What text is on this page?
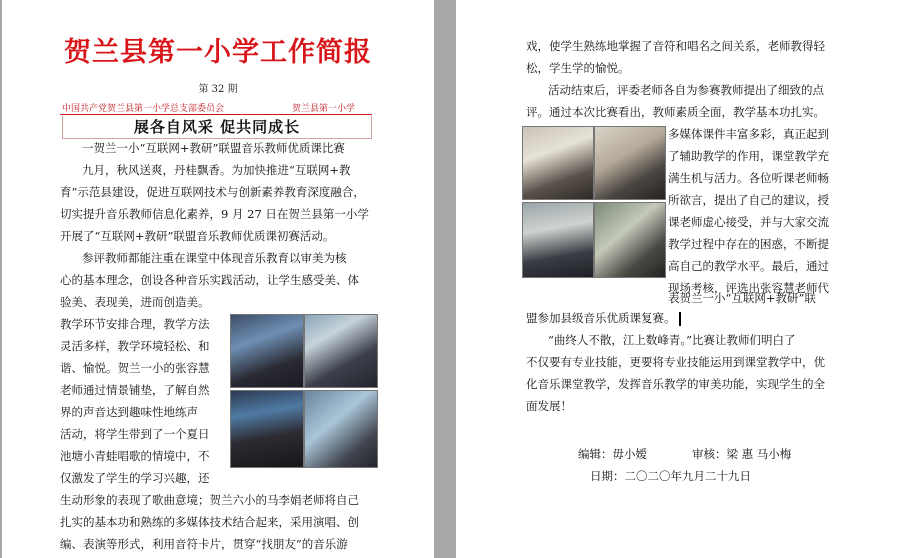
贺兰县第一小学工作简报
第 32 期
中国共产党贺兰县第一小学总支部委员会	贺兰县第一小学
展各自风采 促共同成长
一贺兰一小“互联网+教研”联盟音乐教师优质课比赛
九月，秋风送爽，丹桂飘香。为加快推进“互联网+教
育”示范县建设，促进互联网技术与创新素养教育深度融合，
切实提升音乐教师信息化素养，9 月 27 日在贺兰县第一小学
开展了“互联网+教研”联盟音乐教师优质课初赛活动。
参评教师都能注重在课堂中体现音乐教育以审美为核
心的基本理念，创设各种音乐实践活动，让学生感受美、体
验美、表现美，进而创造美。
教学环节安排合理，教学方法
灵活多样，教学环境轻松、和
谐、愉悦。贺兰一小的张容慧
老师通过情景铺垫，了解自然
界的声音达到趣味性地练声
活动，将学生带到了一个夏日
池塘小青蛙唱歌的情境中，不
仅激发了学生的学习兴趣，还
生动形象的表现了歌曲意境；贺兰六小的马李娟老师将自己
扎实的基本功和熟练的多媒体技术结合起来，采用演唱、创
编、表演等形式，利用音符卡片，贯穿“找朋友”的音乐游
戏，使学生熟练地掌握了音符和唱名之间关系，老师教得轻
松，学生学的愉悦。
活动结束后，评委老师各自为参赛教师提出了细致的点
评。通过本次比赛看出，教师素质全面，教学基本功扎实。
多媒体课件丰富多彩，真正起到
了辅助教学的作用，课堂教学充
满生机与活力。各位听课老师畅
所欲言，提出了自己的建议，授
课老师虚心接受，并与大家交流
教学过程中存在的困惑，不断提
高自己的教学水平。最后，通过
现场考核，评选出张容慧老师代
表贺兰一小“互联网+教研”联
盟参加县级音乐优质课复赛。
“曲终人不散，江上数峰青。”比赛让教师们明白了
不仅要有专业技能，更要将专业技能运用到课堂教学中，优
化音乐课堂教学，发挥音乐教学的审美功能，实现学生的全
面发展！
编辑：毋小嫒	审核：梁 惠 马小梅
日期：二〇二〇年九月二十九日
